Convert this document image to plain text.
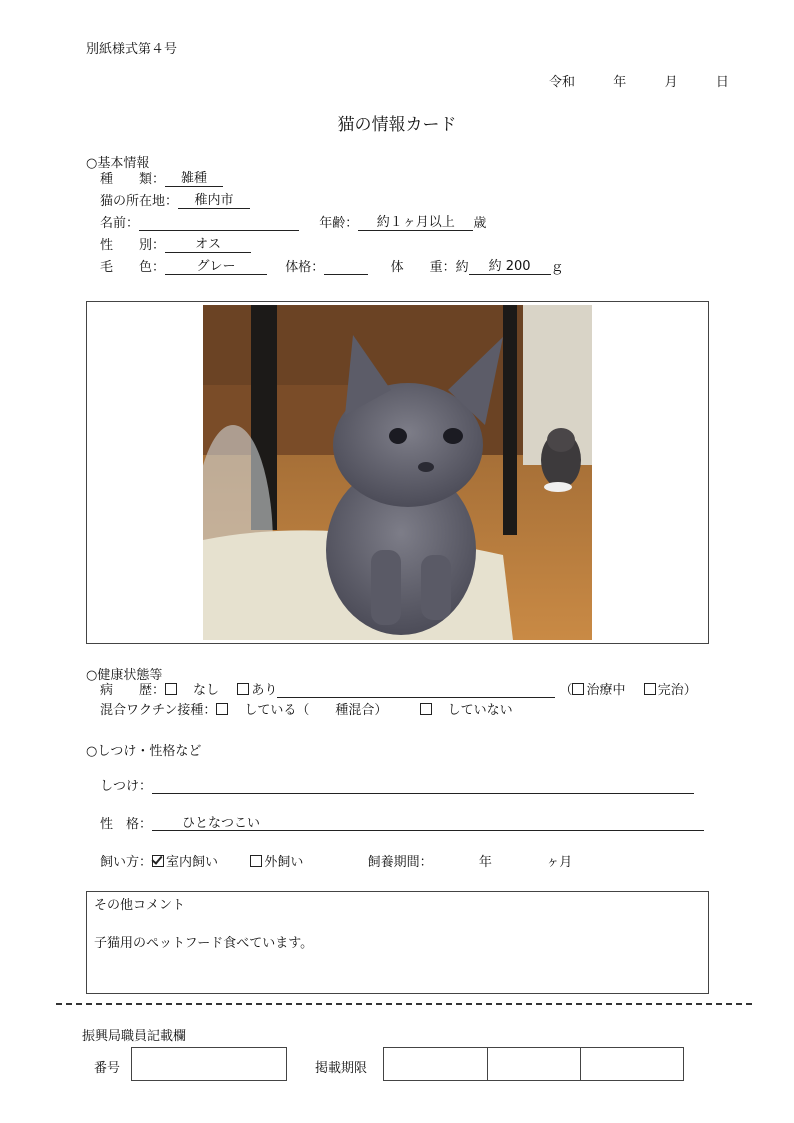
別紙様式第４号
令和	年	月	日
猫の情報カード
○基本情報
種　　類： 雑種
猫の所在地： 稚内市
名前：	年齢： 約１ヶ月以上 歳
性　　別： オス
毛　　色： グレー	体格：	体　　重：約 約 200 ｇ
○健康状態等
病　　歴： なし あり	（ 治療中 完治）
混合ワクチン接種： している（　　種混合）	していない
○しつけ・性格など
しつけ：
性　格： ひとなつこい
飼い方： 室内飼い	外飼い	飼養期間：	年	ヶ月
その他コメント
子猫用のペットフード食べています。
振興局職員記載欄
番号	掲載期限
